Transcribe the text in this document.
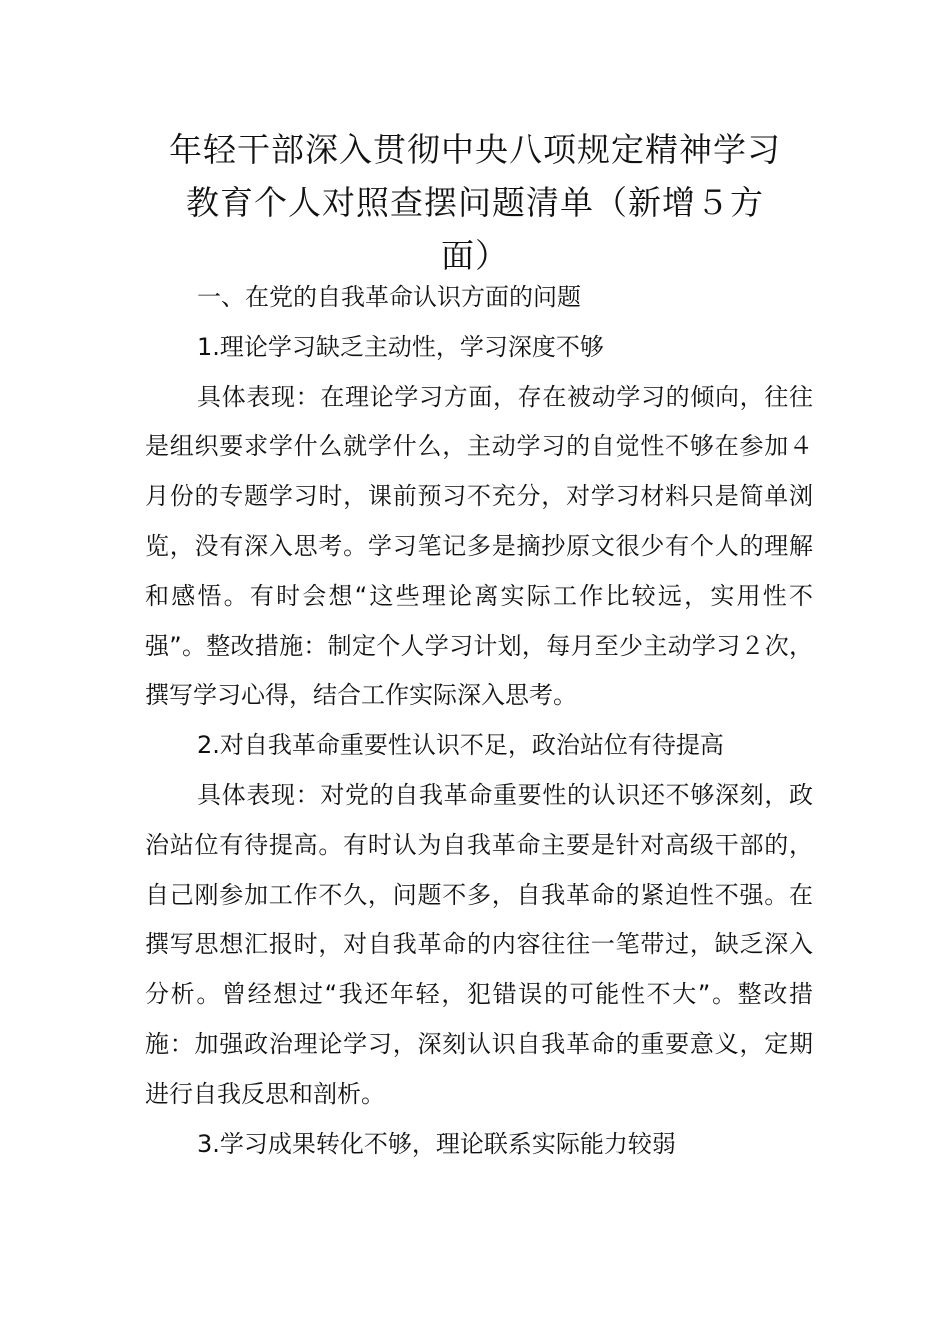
年轻干部深入贯彻中央八项规定精神学习
教育个人对照查摆问题清单（新增５方
面）

一、在党的自我革命认识方面的问题

1.理论学习缺乏主动性，学习深度不够

具体表现：在理论学习方面，存在被动学习的倾向，往往是组织要求学什么就学什么，主动学习的自觉性不够在参加４月份的专题学习时，课前预习不充分，对学习材料只是简单浏览，没有深入思考。学习笔记多是摘抄原文很少有个人的理解和感悟。有时会想“这些理论离实际工作比较远，实用性不强”。整改措施：制定个人学习计划，每月至少主动学习２次，撰写学习心得，结合工作实际深入思考。

2.对自我革命重要性认识不足，政治站位有待提高

具体表现：对党的自我革命重要性的认识还不够深刻，政治站位有待提高。有时认为自我革命主要是针对高级干部的，自己刚参加工作不久，问题不多，自我革命的紧迫性不强。在撰写思想汇报时，对自我革命的内容往往一笔带过，缺乏深入分析。曾经想过“我还年轻，犯错误的可能性不大”。整改措施：加强政治理论学习，深刻认识自我革命的重要意义，定期进行自我反思和剖析。

3.学习成果转化不够，理论联系实际能力较弱
